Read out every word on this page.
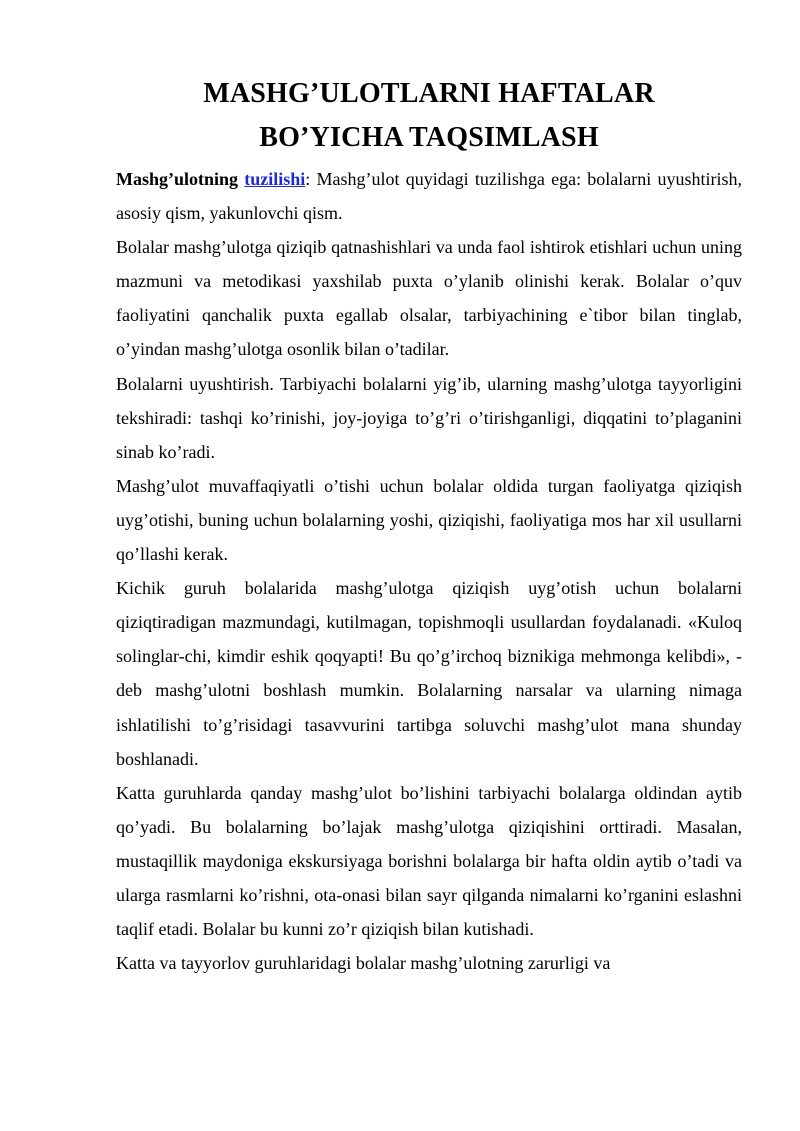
MASHG’ULOTLARNI HAFTALAR
BO’YICHA TAQSIMLASH

Mashg’ulotning tuzilishi: Mashg’ulot quyidagi tuzilishga ega: bolalarni uyushtirish, asosiy qism, yakunlovchi qism.

Bolalar mashg’ulotga qiziqib qatnashishlari va unda faol ishtirok etishlari uchun uning mazmuni va metodikasi yaxshilab puxta o’ylanib olinishi kerak. Bolalar o’quv faoliyatini qanchalik puxta egallab olsalar, tarbiyachining e`tibor bilan tinglab, o’yindan mashg’ulotga osonlik bilan o’tadilar.

Bolalarni uyushtirish. Tarbiyachi bolalarni yig’ib, ularning mashg’ulotga tayyorligini tekshiradi: tashqi ko’rinishi, joy-joyiga to’g’ri o’tirishganligi, diqqatini to’plaganini sinab ko’radi.

Mashg’ulot muvaffaqiyatli o’tishi uchun bolalar oldida turgan faoliyatga qiziqish uyg’otishi, buning uchun bolalarning yoshi, qiziqishi, faoliyatiga mos har xil usullarni qo’llashi kerak.

Kichik guruh bolalarida mashg’ulotga qiziqish uyg’otish uchun bolalarni qiziqtiradigan mazmundagi, kutilmagan, topishmoqli usullardan foydalanadi. «Kuloq solinglar-chi, kimdir eshik qoqyapti! Bu qo’g’irchoq biznikiga mehmonga kelibdi», - deb mashg’ulotni boshlash mumkin. Bolalarning narsalar va ularning nimaga ishlatilishi to’g’risidagi tasavvurini tartibga soluvchi mashg’ulot mana shunday boshlanadi.

Katta guruhlarda qanday mashg’ulot bo’lishini tarbiyachi bolalarga oldindan aytib qo’yadi. Bu bolalarning bo’lajak mashg’ulotga qiziqishini orttiradi. Masalan, mustaqillik maydoniga ekskursiyaga borishni bolalarga bir hafta oldin aytib o’tadi va ularga rasmlarni ko’rishni, ota-onasi bilan sayr qilganda nimalarni ko’rganini eslashni taqlif etadi. Bolalar bu kunni zo’r qiziqish bilan kutishadi.

Katta va tayyorlov guruhlaridagi bolalar mashg’ulotning zarurligi va
